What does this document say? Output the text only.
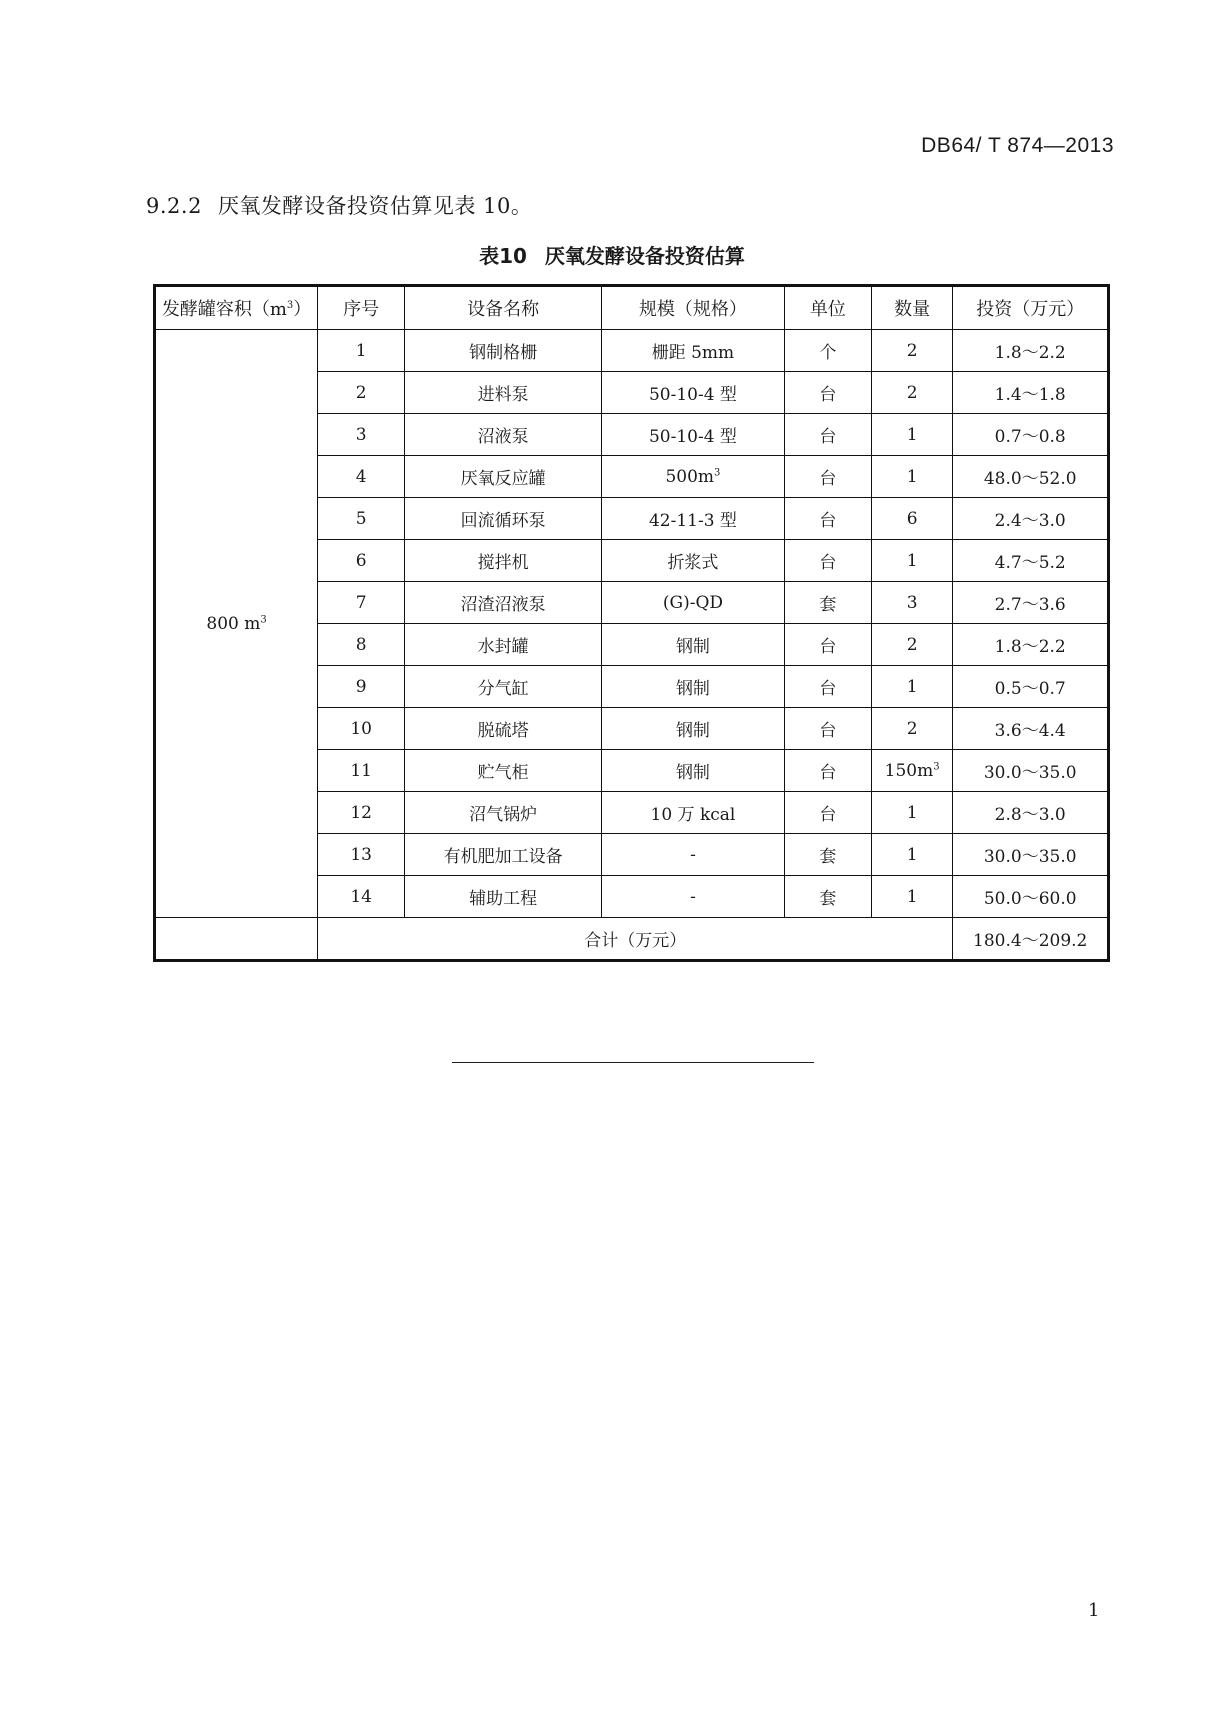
DB64/ T 874—2013
9.2.2 厌氧发酵设备投资估算见表 10。
表10 厌氧发酵设备投资估算
发酵罐容积$(m^3)$	序号	设备名称	规模（规格）	单位	数量	投资（万元）
800 $m^3$	1	钢制格栅	栅距 5mm	个	2	1.8～2.2
	2	进料泵	50-10-4 型	台	2	1.4～1.8
	3	沼液泵	50-10-4 型	台	1	0.7～0.8
	4	厌氧反应罐	$500m^3$	台	1	48.0～52.0
	5	回流循环泵	42-11-3 型	台	6	2.4～3.0
	6	搅拌机	折浆式	台	1	4.7～5.2
	7	沼渣沼液泵	(G)-QD	套	3	2.7～3.6
	8	水封罐	钢制	台	2	1.8～2.2
	9	分气缸	钢制	台	1	0.5～0.7
	10	脱硫塔	钢制	台	2	3.6～4.4
	11	贮气柜	钢制	台	$150m^3$	30.0～35.0
	12	沼气锅炉	10 万 kcal	台	1	2.8～3.0
	13	有机肥加工设备	-	套	1	30.0～35.0
	14	辅助工程	-	套	1	50.0～60.0
	合计（万元）					180.4～209.2
1
